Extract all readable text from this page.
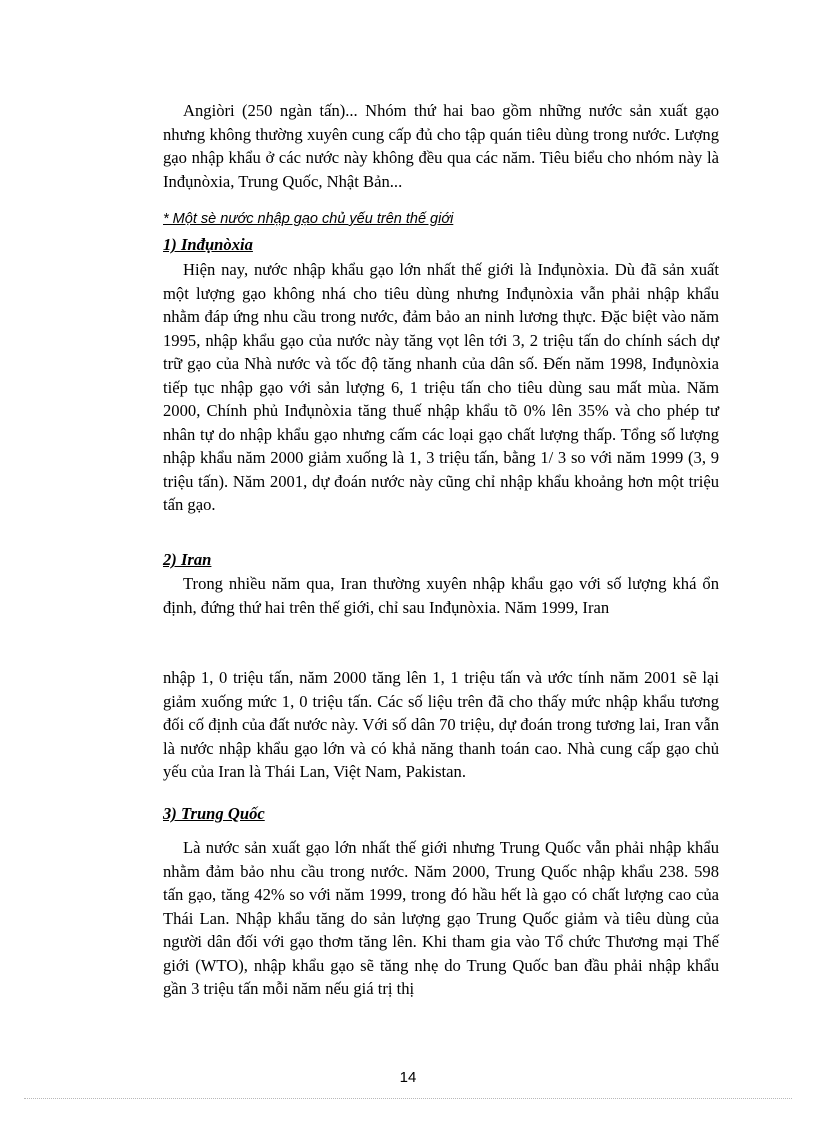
Angiòri (250 ngàn tấn)... Nhóm thứ hai bao gồm những nước sản xuất gạo nhưng không thường xuyên cung cấp đủ cho tập quán tiêu dùng trong nước. Lượng gạo nhập khẩu ở các nước này không đều qua các năm. Tiêu biểu cho nhóm này là Inđụnòxia, Trung Quốc, Nhật Bản...

* Một sè nước nhập gạo chủ yếu trên thế giới

1) Inđụnòxia

Hiện nay, nước nhập khẩu gạo lớn nhất thế giới là Inđụnòxia. Dù đã sản xuất một lượng gạo không nhá cho tiêu dùng nhưng Inđụnòxia vẫn phải nhập khẩu nhằm đáp ứng nhu cầu trong nước, đảm bảo an ninh lương thực. Đặc biệt vào năm 1995, nhập khẩu gạo của nước này tăng vọt lên tới 3, 2 triệu tấn do chính sách dự trữ gạo của Nhà nước và tốc độ tăng nhanh của dân số. Đến năm 1998, Inđụnòxia tiếp tục nhập gạo với sản lượng 6, 1 triệu tấn cho tiêu dùng sau mất mùa. Năm 2000, Chính phủ Inđụnòxia tăng thuế nhập khẩu tõ 0% lên 35% và cho phép tư nhân tự do nhập khẩu gạo nhưng cấm các loại gạo chất lượng thấp. Tổng số lượng nhập khẩu năm 2000 giảm xuống là 1, 3 triệu tấn, bằng 1/ 3 so với năm 1999 (3, 9 triệu tấn). Năm 2001, dự đoán nước này cũng chỉ nhập khẩu khoảng hơn một triệu tấn gạo.

2) Iran

Trong nhiều năm qua, Iran thường xuyên nhập khẩu gạo với số lượng khá ổn định, đứng thứ hai trên thế giới, chỉ sau Inđụnòxia. Năm 1999, Iran

nhập 1, 0 triệu tấn, năm 2000 tăng lên 1, 1 triệu tấn và ước tính năm 2001 sẽ lại giảm xuống mức 1, 0 triệu tấn. Các số liệu trên đã cho thấy mức nhập khẩu tương đối cố định của đất nước này. Với số dân 70 triệu, dự đoán trong tương lai, Iran vẫn là nước nhập khẩu gạo lớn và có khả năng thanh toán cao. Nhà cung cấp gạo chủ yếu của Iran là Thái Lan, Việt Nam, Pakistan.

3) Trung Quốc

Là nước sản xuất gạo lớn nhất thế giới nhưng Trung Quốc vẫn phải nhập khẩu nhằm đảm bảo nhu cầu trong nước. Năm 2000, Trung Quốc nhập khẩu 238. 598 tấn gạo, tăng 42% so với năm 1999, trong đó hầu hết là gạo có chất lượng cao của Thái Lan. Nhập khẩu tăng do sản lượng gạo Trung Quốc giảm và tiêu dùng của người dân đối với gạo thơm tăng lên. Khi tham gia vào Tổ chức Thương mại Thế giới (WTO), nhập khẩu gạo sẽ tăng nhẹ do Trung Quốc ban đầu phải nhập khẩu gần 3 triệu tấn mỗi năm nếu giá trị thị

14
